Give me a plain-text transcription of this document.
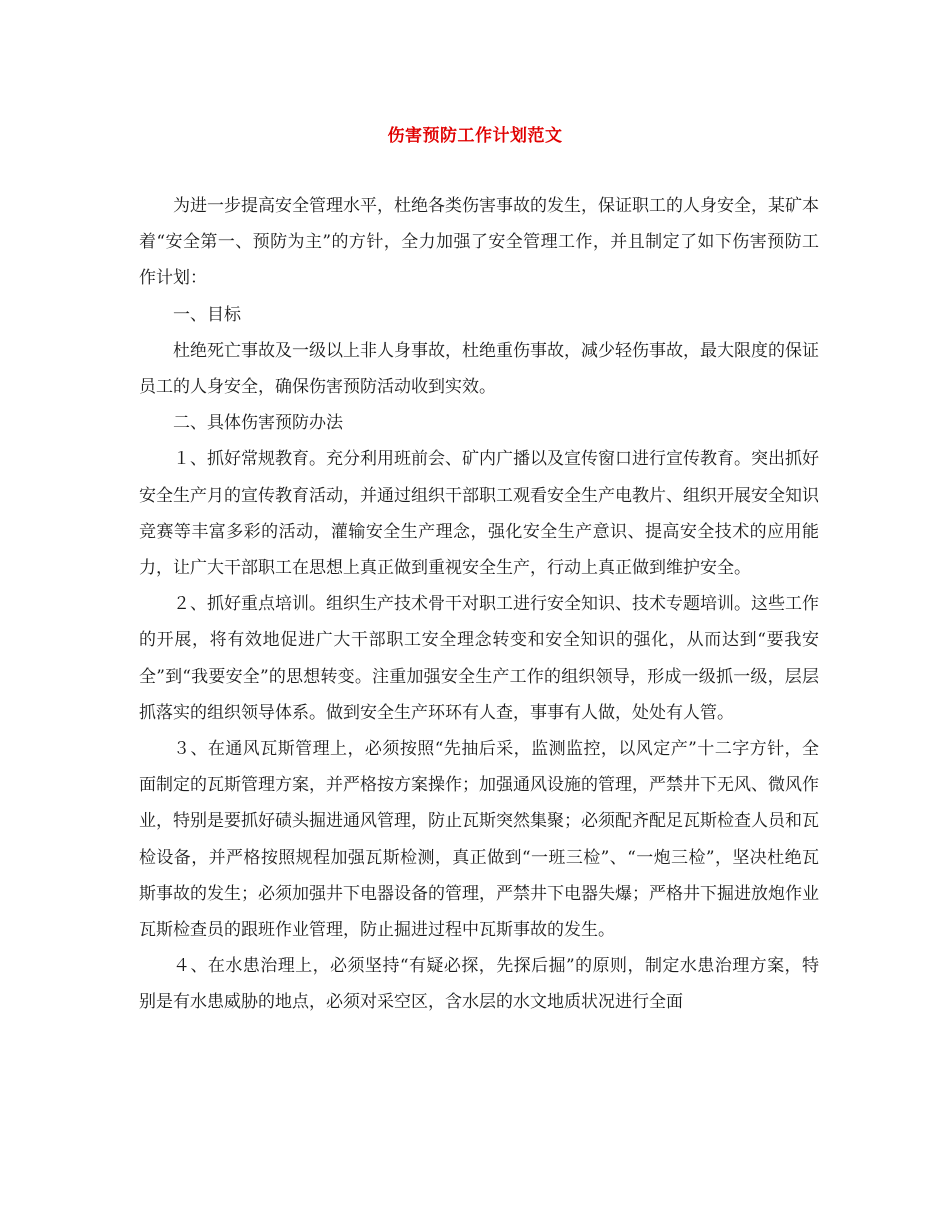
伤害预防工作计划范文

为进一步提高安全管理水平，杜绝各类伤害事故的发生，保证职工的人身安全，某矿本着“安全第一、预防为主”的方针，全力加强了安全管理工作，并且制定了如下伤害预防工作计划：

一、目标

杜绝死亡事故及一级以上非人身事故，杜绝重伤事故，减少轻伤事故，最大限度的保证员工的人身安全，确保伤害预防活动收到实效。

二、具体伤害预防办法

１、抓好常规教育。充分利用班前会、矿内广播以及宣传窗口进行宣传教育。突出抓好安全生产月的宣传教育活动，并通过组织干部职工观看安全生产电教片、组织开展安全知识竞赛等丰富多彩的活动，灌输安全生产理念，强化安全生产意识、提高安全技术的应用能力，让广大干部职工在思想上真正做到重视安全生产，行动上真正做到维护安全。

２、抓好重点培训。组织生产技术骨干对职工进行安全知识、技术专题培训。这些工作的开展，将有效地促进广大干部职工安全理念转变和安全知识的强化，从而达到“要我安全”到“我要安全”的思想转变。注重加强安全生产工作的组织领导，形成一级抓一级，层层抓落实的组织领导体系。做到安全生产环环有人查，事事有人做，处处有人管。

３、在通风瓦斯管理上，必须按照“先抽后采，监测监控，以风定产”十二字方针，全面制定的瓦斯管理方案，并严格按方案操作；加强通风设施的管理，严禁井下无风、微风作业，特别是要抓好碛头掘进通风管理，防止瓦斯突然集聚；必须配齐配足瓦斯检查人员和瓦检设备，并严格按照规程加强瓦斯检测，真正做到“一班三检”、“一炮三检”，坚决杜绝瓦斯事故的发生；必须加强井下电器设备的管理，严禁井下电器失爆；严格井下掘进放炮作业瓦斯检查员的跟班作业管理，防止掘进过程中瓦斯事故的发生。

４、在水患治理上，必须坚持“有疑必探，先探后掘”的原则，制定水患治理方案，特别是有水患威胁的地点，必须对采空区，含水层的水文地质状况进行全面
